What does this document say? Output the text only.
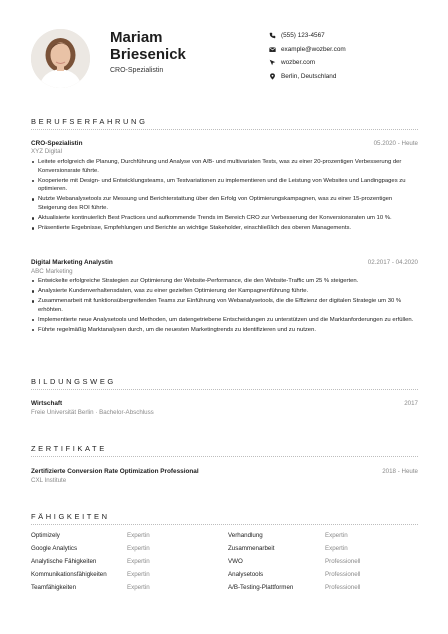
Mariam
Briesenick
CRO-Spezialistin
(555) 123-4567
example@wozber.com
wozber.com
Berlin, Deutschland
BERUFSERFAHRUNG
CRO-Spezialistin	05.2020 - Heute
XYZ Digital
Leitete erfolgreich die Planung, Durchführung und Analyse von A/B- und multivariaten Tests, was zu einer 20-prozentigen Verbesserung der Konversionsrate führte.
Kooperierte mit Design- und Entwicklungsteams, um Testvariationen zu implementieren und die Leistung von Websites und Landingpages zu optimieren.
Nutzte Webanalysetools zur Messung und Berichterstattung über den Erfolg von Optimierungskampagnen, was zu einer 15-prozentigen Steigerung des ROI führte.
Aktualisierte kontinuierlich Best Practices und aufkommende Trends im Bereich CRO zur Verbesserung der Konversionsraten um 10 %.
Präsentierte Ergebnisse, Empfehlungen und Berichte an wichtige Stakeholder, einschließlich des oberen Managements.
Digital Marketing Analystin	02.2017 - 04.2020
ABC Marketing
Entwickelte erfolgreiche Strategien zur Optimierung der Website-Performance, die den Website-Traffic um 25 % steigerten.
Analysierte Kundenverhaltensdaten, was zu einer gezielten Optimierung der Kampagnenführung führte.
Zusammenarbeit mit funktionsübergreifenden Teams zur Einführung von Webanalysetools, die die Effizienz der digitalen Strategie um 30 % erhöhten.
Implementierte neue Analysetools und Methoden, um datengetriebene Entscheidungen zu unterstützen und die Marktanforderungen zu erfüllen.
Führte regelmäßig Marktanalysen durch, um die neuesten Marketingtrends zu identifizieren und zu nutzen.
BILDUNGSWEG
Wirtschaft	2017
Freie Universität Berlin · Bachelor-Abschluss
ZERTIFIKATE
Zertifizierte Conversion Rate Optimization Professional	2018 - Heute
CXL Institute
FÄHIGKEITEN
Optimizely	Expertin	Verhandlung	Expertin
Google Analytics	Expertin	Zusammenarbeit	Expertin
Analytische Fähigkeiten	Expertin	VWO	Professionell
Kommunikationsfähigkeiten	Expertin	Analysetools	Professionell
Teamfähigkeiten	Expertin	A/B-Testing-Plattformen	Professionell
